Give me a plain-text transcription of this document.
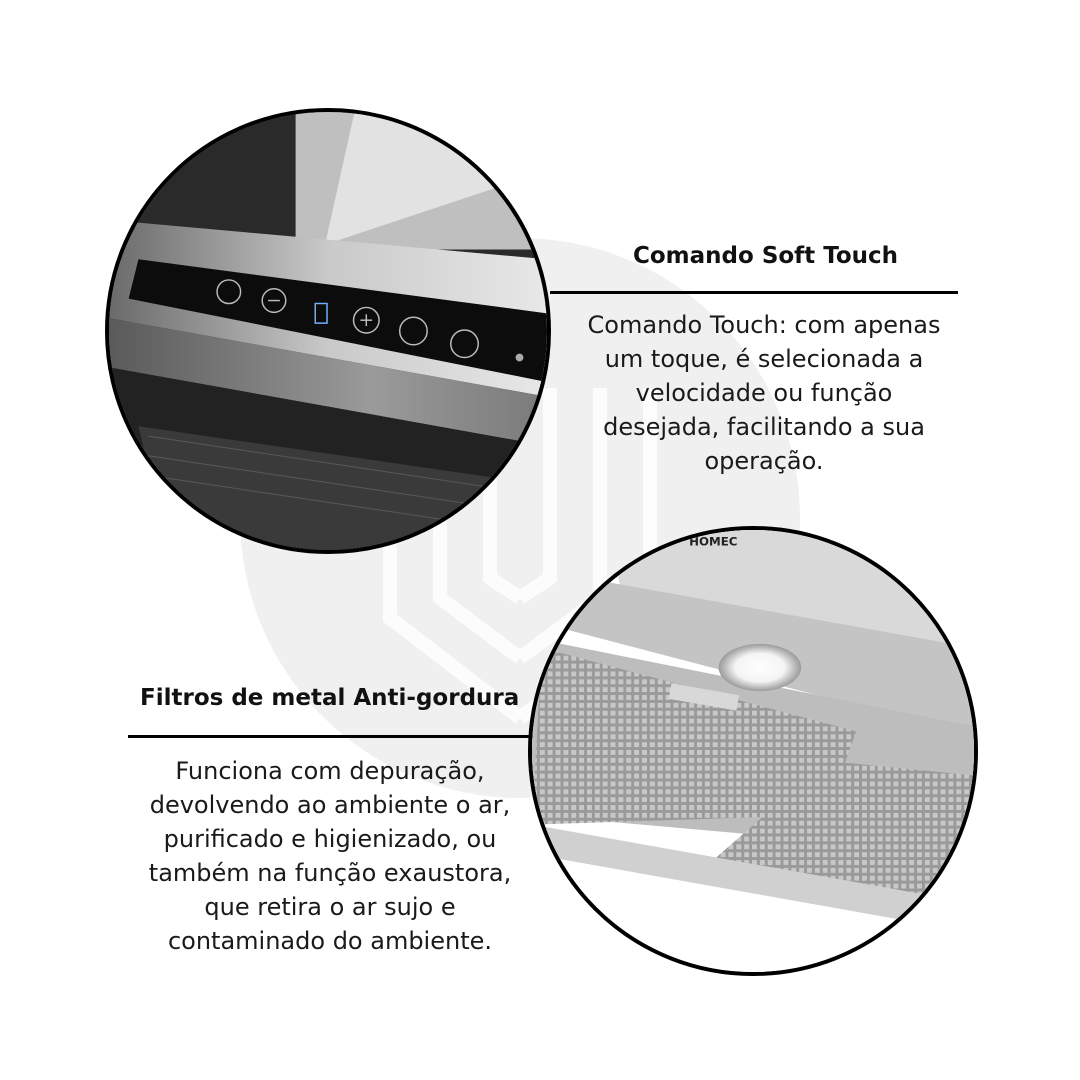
HOMEC
Comando Soft Touch
Comando Touch: com apenas
um toque, é selecionada a
velocidade ou função
desejada, facilitando a sua
operação.
Filtros de metal Anti-gordura
Funciona com depuração,
devolvendo ao ambiente o ar,
purificado e higienizado, ou
também na função exaustora,
que retira o ar sujo e
contaminado do ambiente.
